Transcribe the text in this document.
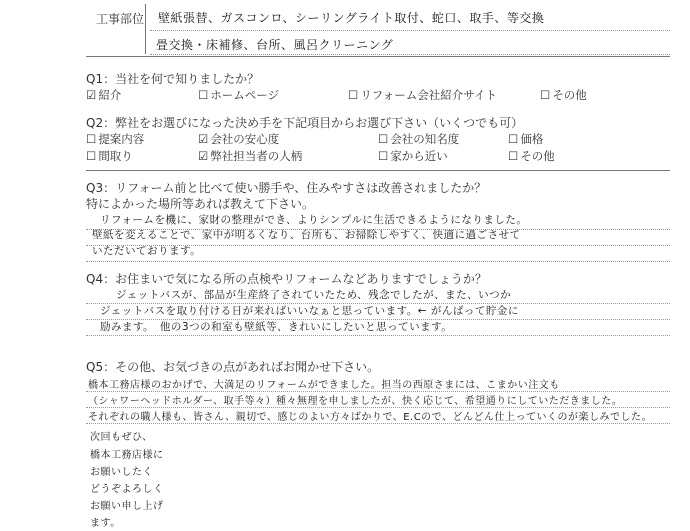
工事部位 壁紙張替、ガスコンロ、シーリングライト取付、蛇口、取手、等交換
畳交換・床補修、台所、風呂クリーニング
Q1：当社を何で知りましたか？
☑ 紹介	☐ ホームページ	☐ リフォーム会社紹介サイト	☐ その他
Q2：弊社をお選びになった決め手を下記項目からお選び下さい（いくつでも可）
☐ 提案内容	☑ 会社の安心度	☐ 会社の知名度	☐ 価格
☐ 間取り	☑ 弊社担当者の人柄	☐ 家から近い	☐ その他
Q3：リフォーム前と比べて使い勝手や、住みやすさは改善されましたか？
特によかった場所等あれば教えて下さい。
リフォームを機に、家財の整理ができ、よりシンプルに生活できるようになりました。
壁紙を変えることで、家中が明るくなり、台所も、お掃除しやすく、快適に過ごさせて
いただいております。
Q4：お住まいで気になる所の点検やリフォームなどありますでしょうか？
ジェットバスが、部品が生産終了されていたため、残念でしたが、また、いつか
ジェットバスを取り付ける日が来ればいいなぁと思っています。← がんばって貯金に
励みます。　他の3つの和室も壁紙等、きれいにしたいと思っています。
Q5：その他、お気づきの点があればお聞かせ下さい。
橋本工務店様のおかげで、大満足のリフォームができました。担当の西原さまには、こまかい注文も
（シャワーヘッドホルダー、取手等々）種々無理を申しましたが、快く応じて、希望通りにしていただきました。
それぞれの職人様も、皆さん、親切で、感じのよい方々ばかりで、E.Cので、どんどん仕上っていくのが楽しみでした。
次回もぜひ、
橋本工務店様に
お願いしたく
どうぞよろしく
お願い申し上げ
ます。
